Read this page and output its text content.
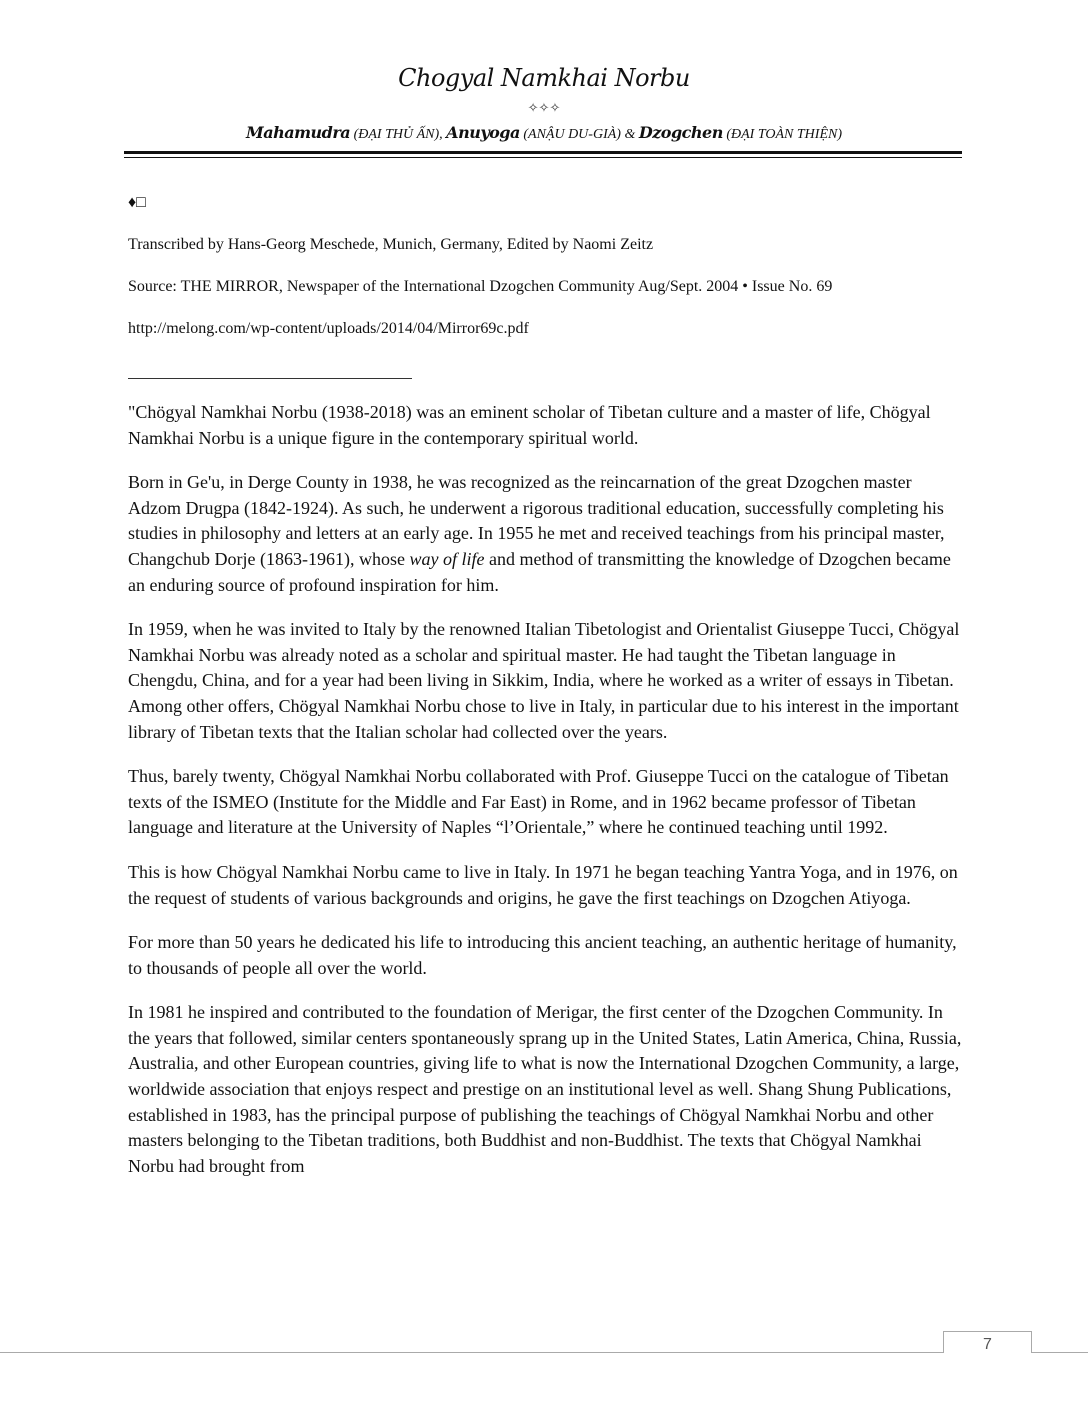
Chogyal Namkhai Norbu
✧✧✧
Mahamudra (ĐẠI THỦ ẤN), Anuyoga (ANẬU DU-GIÀ) & Dzogchen (ĐẠI TOÀN THIỆN)
♦□
Transcribed by Hans-Georg Meschede, Munich, Germany, Edited by Naomi Zeitz
Source: THE MIRROR, Newspaper of the International Dzogchen Community Aug/Sept. 2004 • Issue No. 69
http://melong.com/wp-content/uploads/2014/04/Mirror69c.pdf

"Chögyal Namkhai Norbu (1938-2018) was an eminent scholar of Tibetan culture and a master of life, Chögyal Namkhai Norbu is a unique figure in the contemporary spiritual world.

Born in Ge'u, in Derge County in 1938, he was recognized as the reincarnation of the great Dzogchen master Adzom Drugpa (1842-1924). As such, he underwent a rigorous traditional education, successfully completing his studies in philosophy and letters at an early age. In 1955 he met and received teachings from his principal master, Changchub Dorje (1863-1961), whose way of life and method of transmitting the knowledge of Dzogchen became an enduring source of profound inspiration for him.

In 1959, when he was invited to Italy by the renowned Italian Tibetologist and Orientalist Giuseppe Tucci, Chögyal Namkhai Norbu was already noted as a scholar and spiritual master. He had taught the Tibetan language in Chengdu, China, and for a year had been living in Sikkim, India, where he worked as a writer of essays in Tibetan. Among other offers, Chögyal Namkhai Norbu chose to live in Italy, in particular due to his interest in the important library of Tibetan texts that the Italian scholar had collected over the years.

Thus, barely twenty, Chögyal Namkhai Norbu collaborated with Prof. Giuseppe Tucci on the catalogue of Tibetan texts of the ISMEO (Institute for the Middle and Far East) in Rome, and in 1962 became professor of Tibetan language and literature at the University of Naples “l’Orientale,” where he continued teaching until 1992.

This is how Chögyal Namkhai Norbu came to live in Italy. In 1971 he began teaching Yantra Yoga, and in 1976, on the request of students of various backgrounds and origins, he gave the first teachings on Dzogchen Atiyoga.

For more than 50 years he dedicated his life to introducing this ancient teaching, an authentic heritage of humanity, to thousands of people all over the world.

In 1981 he inspired and contributed to the foundation of Merigar, the first center of the Dzogchen Community. In the years that followed, similar centers spontaneously sprang up in the United States, Latin America, China, Russia, Australia, and other European countries, giving life to what is now the International Dzogchen Community, a large, worldwide association that enjoys respect and prestige on an institutional level as well. Shang Shung Publications, established in 1983, has the principal purpose of publishing the teachings of Chögyal Namkhai Norbu and other masters belonging to the Tibetan traditions, both Buddhist and non-Buddhist. The texts that Chögyal Namkhai Norbu had brought from

7
